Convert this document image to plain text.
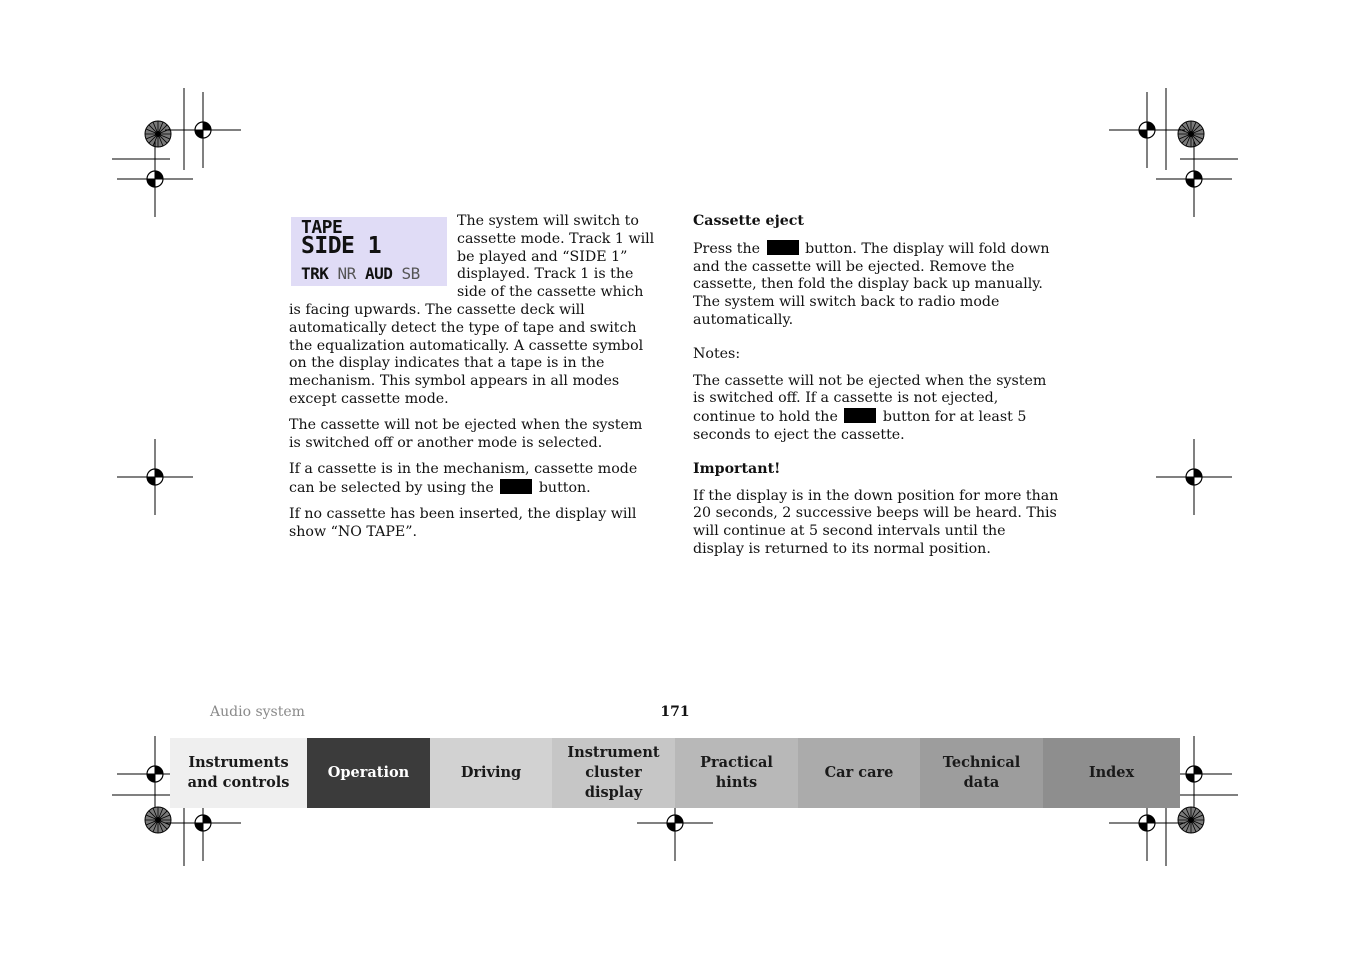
TAPE
SIDE 1
TRK NR AUD SB

The system will switch to cassette mode. Track 1 will be played and “SIDE 1” displayed. Track 1 is the side of the cassette which is facing upwards. The cassette deck will automatically detect the type of tape and switch the equalization automatically. A cassette symbol on the display indicates that a tape is in the mechanism. This symbol appears in all modes except cassette mode.

The cassette will not be ejected when the system is switched off or another mode is selected.

If a cassette is in the mechanism, cassette mode can be selected by using the	button.

If no cassette has been inserted, the display will show “NO TAPE”.

Cassette eject

Press the	button. The display will fold down and the cassette will be ejected. Remove the cassette, then fold the display back up manually. The system will switch back to radio mode automatically.

Notes:

The cassette will not be ejected when the system is switched off. If a cassette is not ejected, continue to hold the	button for at least 5 seconds to eject the cassette.

Important!

If the display is in the down position for more than 20 seconds, 2 successive beeps will be heard. This will continue at 5 second intervals until the display is returned to its normal position.

Audio system	171
Instruments
and controls
Operation	Driving
Instrument
cluster display
Practical hints
Car care
Technical
data
Index
